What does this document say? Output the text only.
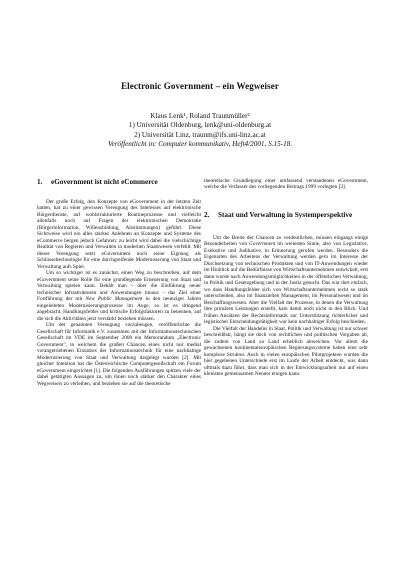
Electronic Government – ein Wegweiser
Klaus Lenk¹, Roland Traunmüller²
1) Universität Oldenburg, lenk@uni-oldenburg.at
2) Universität Linz, traunm@ifs.uni-linz.ac.at
Veröffentlicht in: Computer kommunikativ, Heft4/2001, S.15-18.
1. eGovernment ist nicht eCommerce

Der große Erfolg, den Konzepte von eGovernment in der letzten Zeit hatten, hat zu einer gewissen Verengung des Interesses auf elektronische Bürgerdienste, auf wohlstrukturierte Routineprozesse und vielleicht allenfalls noch auf Fragen der elektronischen Demokratie (Bürgerinformation, Willensbildung, Abstimmungen) geführt. Diese Sichtweise wird ein alles starkes Anlehnen an Konzepte und Systeme des eCommerce bergen jedoch Gefahren: zu leicht wird dabei die vielschichtige Realität von Regieren und Verwalten in modernen Staatswesen verfehlt. Mit dieser Verengung setzt eGovernment noch seine Eignung als Schlüsseltechnologie für eine durchgreifende Modernisierung von Staat und Verwaltung aufs Spiel.

Um so wichtiger ist es zunächst, einen Weg zu beschreiben, auf dem eGovernment seine Rolle für eine grundlegende Erneuerung von Staat und Verwaltung spielen kann. Behält man – über die Einführung neuer technischer Infrastrukturen und Anwendungen hinaus – das Ziel einer Fortführung der mit New Public Management in den neunziger Jahren eingeleiteten Modernisierungsprozesse im Auge, so ist es dringend angebracht, Handlungsfelder und kritische Erfolgsfaktoren zu benennen, auf die sich die Aktivitäten jetzt verstärkt beziehen müssen.

Um der genannten Verengung vorzubeugen, veröffentlichte die Gesellschaft für Informatik e.V. zusammen mit der Informationstechnischen Gesellschaft im VDE im September 2000 ein Memorandum „Electronic Government", in welchem die großen Chancen eines nicht nur medial vorangetriebenen Einsatzes der Informationstechnik für eine nachhaltige Modernisierung von Staat und Verwaltung dargelegt wurden [2]. Mit gleicher Intention hat die Österreichische Computergesellschaft ein Forum eGovernment eingerichtet [1]. Die folgenden Ausführungen spitzen viele der dabei getätigten Aussagen zu, um ihnen noch stärker den Charakter eines Wegweisers zu verleihen, und beziehen sie auf die theoretische

theoretische Grundlegung einer umfassend verstandenen eGovernment, welche die Verfasser des vorliegenden Beitrags 1999 vorlegten [3].

2. Staat und Verwaltung in Systemperspektive

Um die Breite der Chancen zu verdeutlichen, müssen eingangs einige Besonderheiten von Government im weitesten Sinne, also von Legislative, Exekutive und Judikative, in Erinnerung gerufen werden. Besonders die Eigenarten des Arbeitens der Verwaltung werden gern im Interesse der Durchsetzung von technischen Produkten und von IT-Anwendungen wieder im Hinblick auf die Bedürfnisse von Wirtschaftsunternehmen entwickelt, erst dann wurde nach Anwendungsmöglichkeiten in der öffentlichen Verwaltung, in Politik und Gesetzgebung und in der Justiz gesucht. Das war dort einfach, wo dass Handlungsfelder sich von Wirtschaftsunternehmen nicht so stark unterscheiden, also im finanziellen Management, im Personalwesen und im Beschaffungswesen. Aber die Vielfalt der Prozesse, in denen die Verwaltung ihre primären Leistungen erstellt, kam damit noch nicht in den Blick. Und frühen Ansätzen der Rechtsinformatik zur Unterstützung richterlicher und legistischer Entscheidungstätigkeit war kein nachhaltiger Erfolg beschieden.

Die Vielfalt der Handelns in Staat, Politik und Verwaltung ist nur schwer beschreibbar, hängt sie doch von rechtlichen und politischen Vorgaben ab, die zudem von Land zu Land erheblich abweichen. Vor allem die gewachsenen kontinentaleuropäischen Regierungssysteme haben eine sehr komplexe Struktur. Auch in vielen europäischen Pilotprojekten wurden die hier gegebenen Unterschiede erst im Laufe der Arbeit entdeckt, was dann oftmals dazu führt, dass man sich in der Entwicklungsarbeit nur auf einen kleinsten gemeinsamen Nenner einigen kann.
